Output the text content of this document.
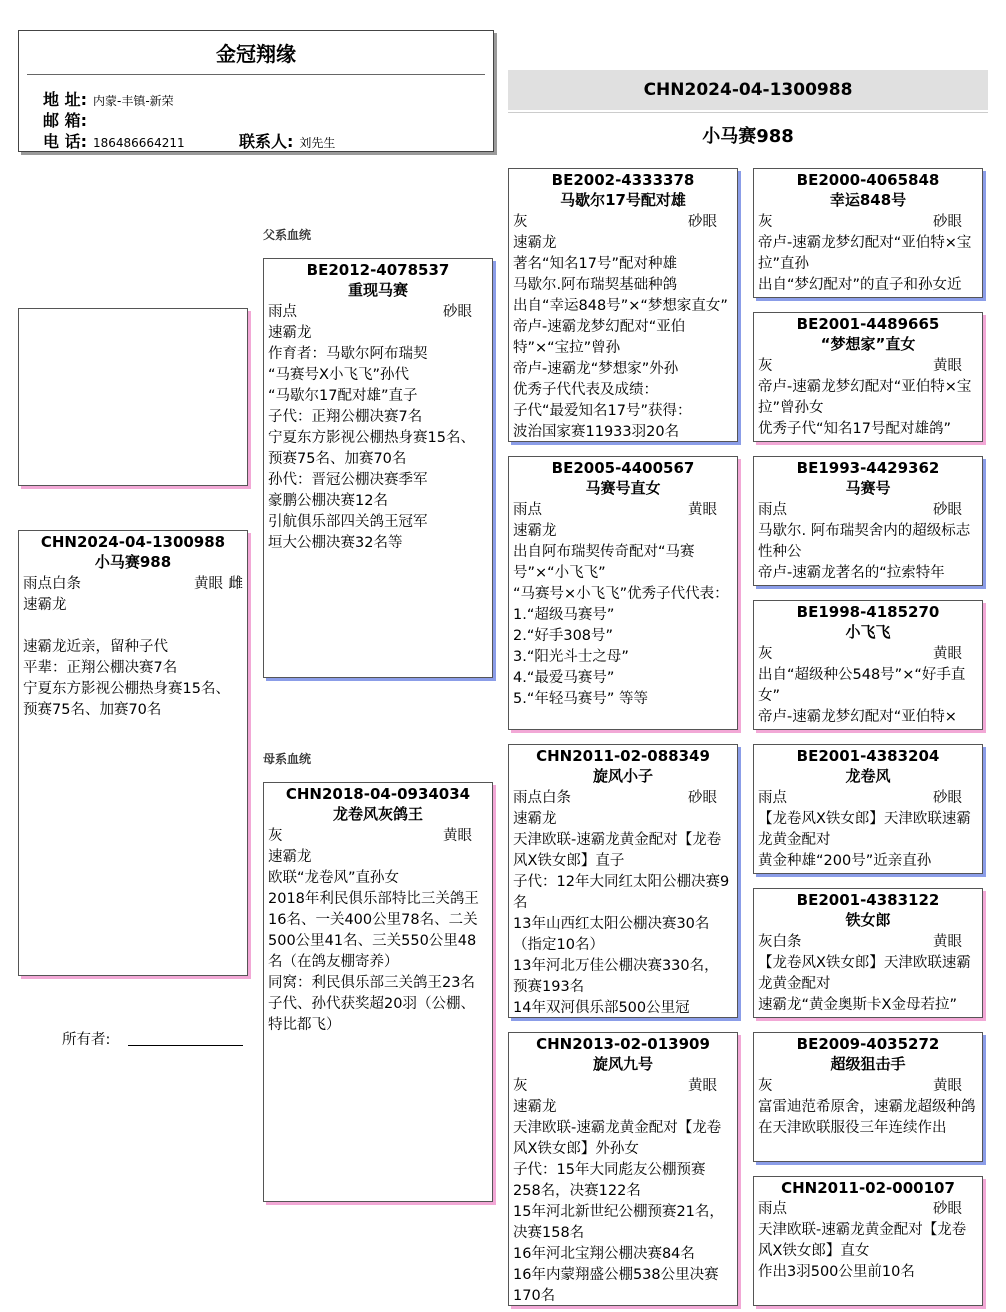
金冠翔缘
地 址: 内蒙-丰镇-新荣
邮 箱:
电 话: 186486664211	联系人: 刘先生
CHN2024-04-1300988
小马赛988
父系血统
母系血统
CHN2024-04-1300988
小马赛988
雨点白条	黄眼 雌
速霸龙
速霸龙近亲，留种子代
平辈：正翔公棚决赛7名
宁夏东方影视公棚热身赛15名、预赛75名、加赛70名
BE2012-4078537
重现马赛
雨点	砂眼
速霸龙
作育者：马歇尔阿布瑞契
“马赛号X小飞飞”孙代
“马歇尔17配对雄”直子
子代：正翔公棚决赛7名
宁夏东方影视公棚热身赛15名、预赛75名、加赛70名
孙代：晋冠公棚决赛季军
豪鹏公棚决赛12名
引航俱乐部四关鸽王冠军
垣大公棚决赛32名等
CHN2018-04-0934034
龙卷风灰鸽王
灰	黄眼
速霸龙
欧联“龙卷风”直孙女
2018年利民俱乐部特比三关鸽王16名、一关400公里78名、二关500公里41名、三关550公里48名（在鸽友棚寄养）
同窝：利民俱乐部三关鸽王23名
子代、孙代获奖超20羽（公棚、特比都飞）
BE2002-4333378
马歇尔17号配对雄
灰	砂眼
速霸龙
著名“知名17号”配对种雄
马歇尔.阿布瑞契基础种鸽
出自“幸运848号”×“梦想家直女”
帝卢-速霸龙梦幻配对“亚伯特”×“宝拉”曾孙
帝卢-速霸龙“梦想家”外孙
优秀子代代表及成绩：
子代“最爱知名17号”获得：
波治国家赛11933羽20名
BE2005-4400567
马赛号直女
雨点	黄眼
速霸龙
出自阿布瑞契传奇配对“马赛号”×“小飞飞”
“马赛号×小飞飞”优秀子代代表：
1.“超级马赛号”
2.“好手308号”
3.“阳光斗士之母”
4.“最爱马赛号”
5.“年轻马赛号” 等等
CHN2011-02-088349
旋风小子
雨点白条	砂眼
速霸龙
天津欧联-速霸龙黄金配对【龙卷风X铁女郎】直子
子代：12年大同红太阳公棚决赛9名
13年山西红太阳公棚决赛30名（指定10名）
13年河北万佳公棚决赛330名，预赛193名
14年双河俱乐部500公里冠
CHN2013-02-013909
旋风九号
灰	黄眼
速霸龙
天津欧联-速霸龙黄金配对【龙卷风X铁女郎】外孙女
子代：15年大同彪友公棚预赛258名，决赛122名
15年河北新世纪公棚预赛21名，决赛158名
16年河北宝翔公棚决赛84名
16年内蒙翔盛公棚538公里决赛170名
BE2000-4065848
幸运848号
灰	砂眼
帝卢-速霸龙梦幻配对“亚伯特×宝拉”直孙
出自“梦幻配对”的直子和孙女近
BE2001-4489665
“梦想家”直女
灰	黄眼
帝卢-速霸龙梦幻配对“亚伯特×宝拉”曾孙女
优秀子代“知名17号配对雄鸽”
BE1993-4429362
马赛号
雨点	砂眼
马歇尔. 阿布瑞契舍内的超级标志性种公
帝卢-速霸龙著名的“拉索特年
BE1998-4185270
小飞飞
灰	黄眼
出自“超级种公548号”×“好手直女”
帝卢-速霸龙梦幻配对“亚伯特×
BE2001-4383204
龙卷风
雨点	砂眼
【龙卷风X铁女郎】天津欧联速霸龙黄金配对
黄金种雄“200号”近亲直孙
BE2001-4383122
铁女郎
灰白条	黄眼
【龙卷风X铁女郎】天津欧联速霸龙黄金配对
速霸龙“黄金奥斯卡X金母若拉”
BE2009-4035272
超级狙击手
灰	黄眼
富雷迪范希原舍，速霸龙超级种鸽
在天津欧联服役三年连续作出
CHN2011-02-000107
雨点	砂眼
天津欧联-速霸龙黄金配对【龙卷风X铁女郎】直女
作出3羽500公里前10名
所有者:
